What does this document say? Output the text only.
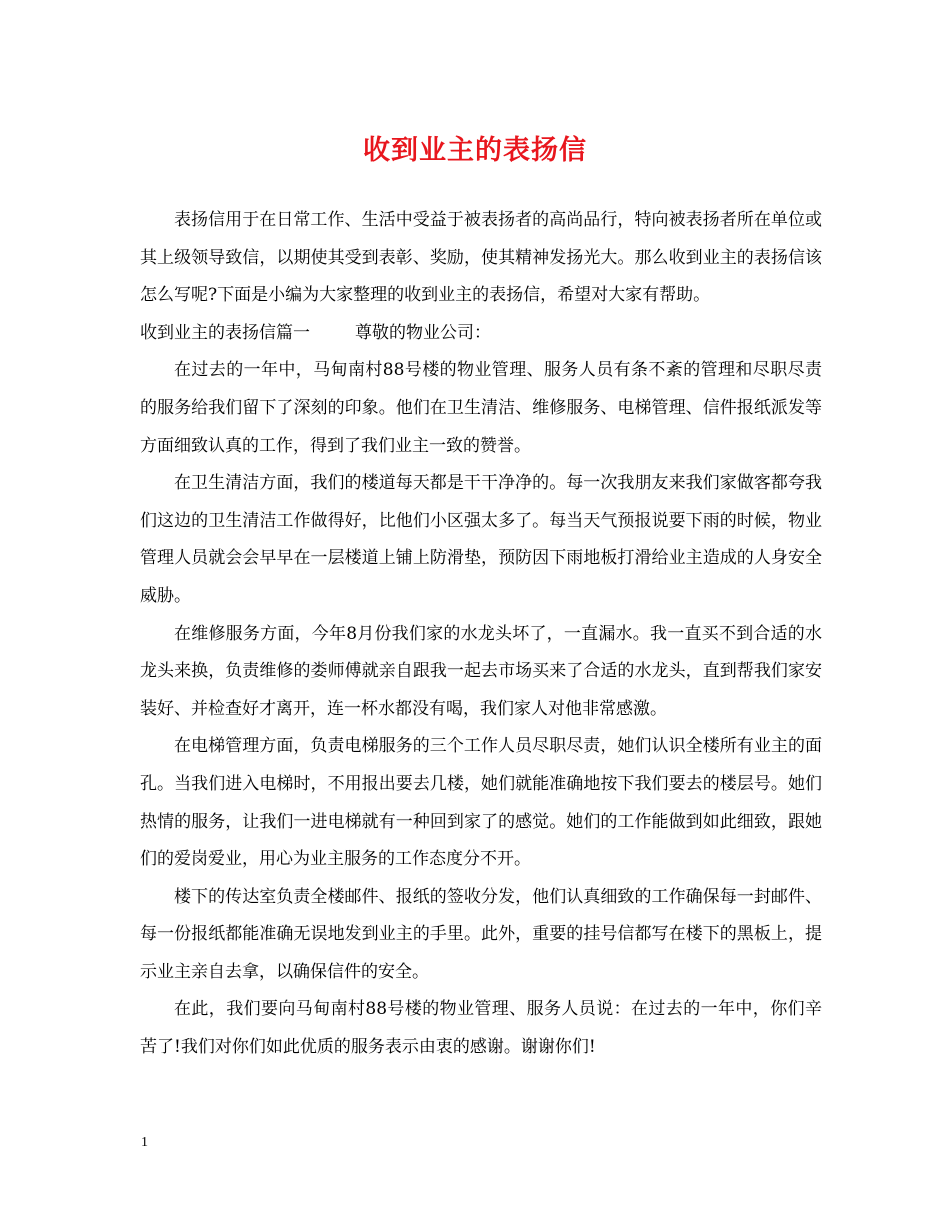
收到业主的表扬信

表扬信用于在日常工作、生活中受益于被表扬者的高尚品行，特向被表扬者所在单位或其上级领导致信，以期使其受到表彰、奖励，使其精神发扬光大。那么收到业主的表扬信该怎么写呢?下面是小编为大家整理的收到业主的表扬信，希望对大家有帮助。

收到业主的表扬信篇一	尊敬的物业公司：

在过去的一年中，马甸南村88号楼的物业管理、服务人员有条不紊的管理和尽职尽责的服务给我们留下了深刻的印象。他们在卫生清洁、维修服务、电梯管理、信件报纸派发等方面细致认真的工作，得到了我们业主一致的赞誉。

在卫生清洁方面，我们的楼道每天都是干干净净的。每一次我朋友来我们家做客都夸我们这边的卫生清洁工作做得好，比他们小区强太多了。每当天气预报说要下雨的时候，物业管理人员就会会早早在一层楼道上铺上防滑垫，预防因下雨地板打滑给业主造成的人身安全威胁。

在维修服务方面，今年8月份我们家的水龙头坏了，一直漏水。我一直买不到合适的水龙头来换，负责维修的娄师傅就亲自跟我一起去市场买来了合适的水龙头，直到帮我们家安装好、并检查好才离开，连一杯水都没有喝，我们家人对他非常感激。

在电梯管理方面，负责电梯服务的三个工作人员尽职尽责，她们认识全楼所有业主的面孔。当我们进入电梯时，不用报出要去几楼，她们就能准确地按下我们要去的楼层号。她们热情的服务，让我们一进电梯就有一种回到家了的感觉。她们的工作能做到如此细致，跟她们的爱岗爱业，用心为业主服务的工作态度分不开。

楼下的传达室负责全楼邮件、报纸的签收分发，他们认真细致的工作确保每一封邮件、每一份报纸都能准确无误地发到业主的手里。此外，重要的挂号信都写在楼下的黑板上，提示业主亲自去拿，以确保信件的安全。

在此，我们要向马甸南村88号楼的物业管理、服务人员说：在过去的一年中，你们辛苦了!我们对你们如此优质的服务表示由衷的感谢。谢谢你们!

1
